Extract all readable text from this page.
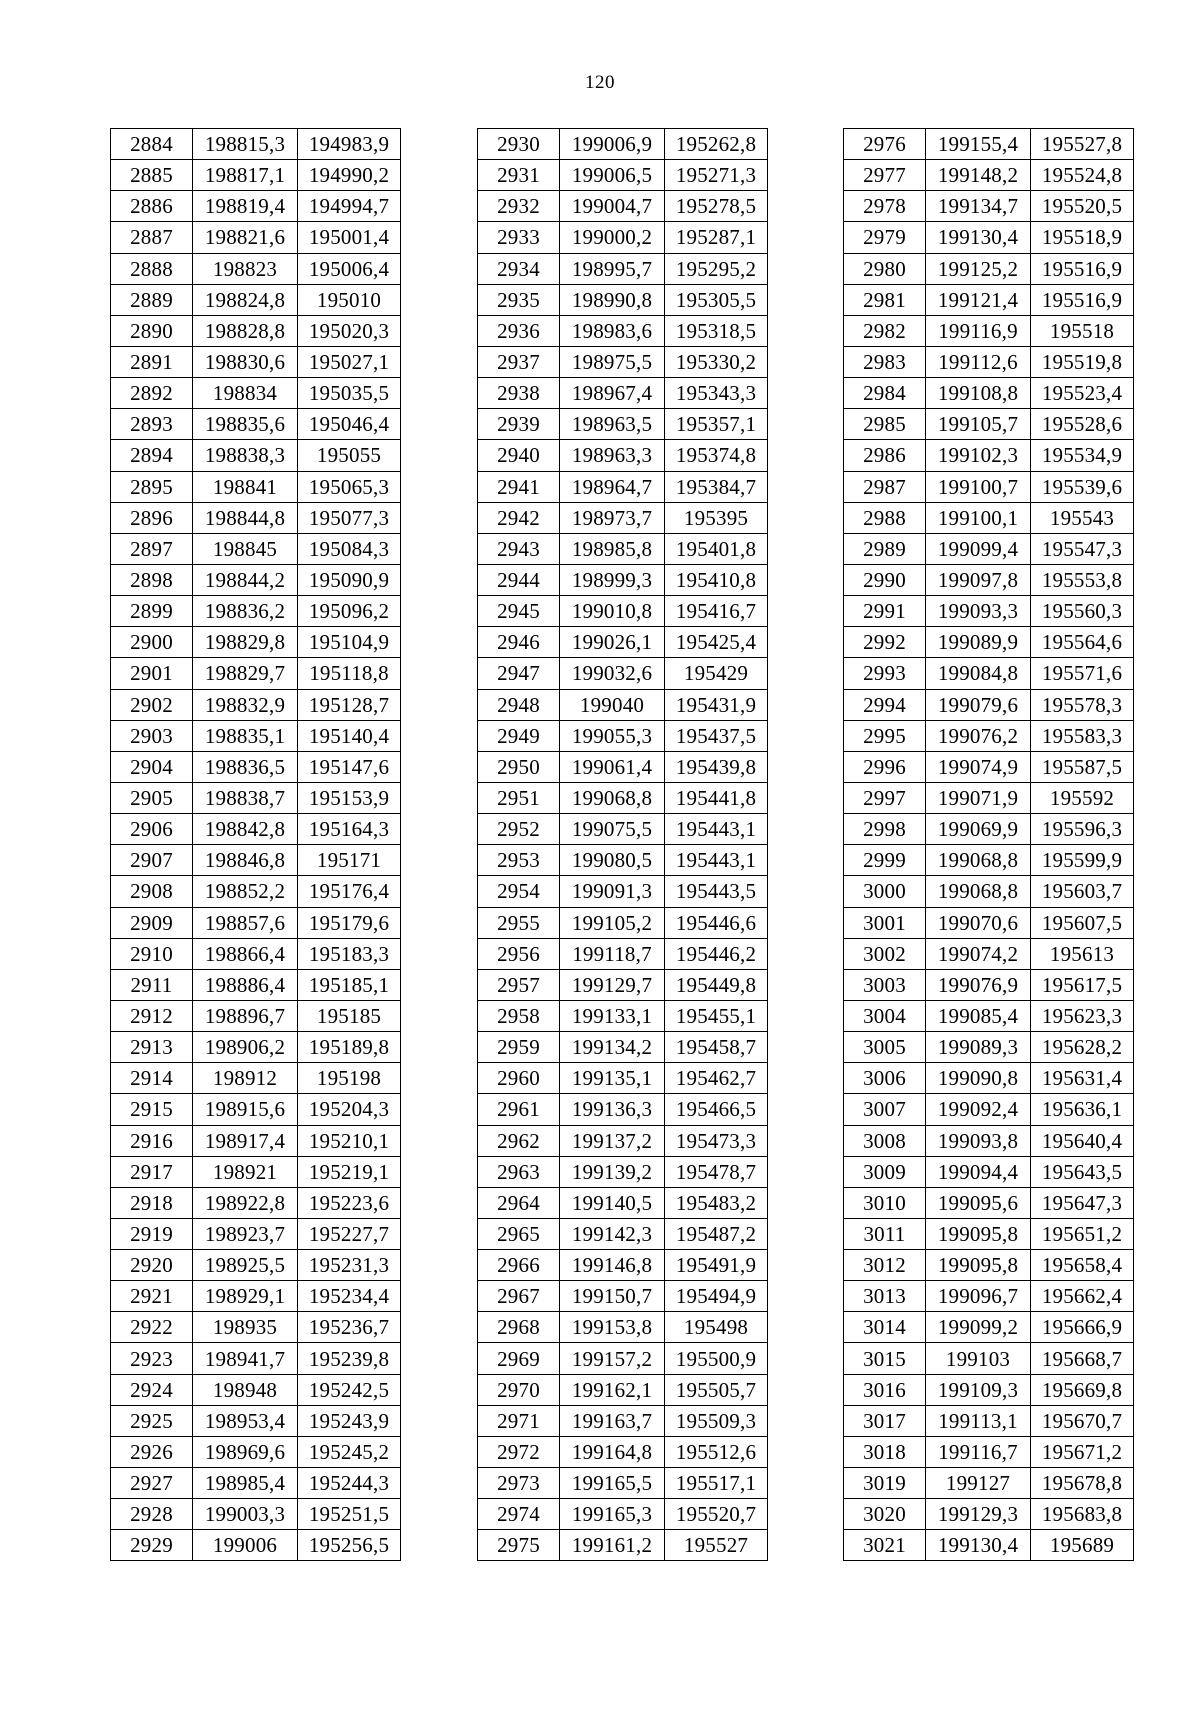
120
2884	198815,3	194983,9
2885	198817,1	194990,2
2886	198819,4	194994,7
2887	198821,6	195001,4
2888	198823	195006,4
2889	198824,8	195010
2890	198828,8	195020,3
2891	198830,6	195027,1
2892	198834	195035,5
2893	198835,6	195046,4
2894	198838,3	195055
2895	198841	195065,3
2896	198844,8	195077,3
2897	198845	195084,3
2898	198844,2	195090,9
2899	198836,2	195096,2
2900	198829,8	195104,9
2901	198829,7	195118,8
2902	198832,9	195128,7
2903	198835,1	195140,4
2904	198836,5	195147,6
2905	198838,7	195153,9
2906	198842,8	195164,3
2907	198846,8	195171
2908	198852,2	195176,4
2909	198857,6	195179,6
2910	198866,4	195183,3
2911	198886,4	195185,1
2912	198896,7	195185
2913	198906,2	195189,8
2914	198912	195198
2915	198915,6	195204,3
2916	198917,4	195210,1
2917	198921	195219,1
2918	198922,8	195223,6
2919	198923,7	195227,7
2920	198925,5	195231,3
2921	198929,1	195234,4
2922	198935	195236,7
2923	198941,7	195239,8
2924	198948	195242,5
2925	198953,4	195243,9
2926	198969,6	195245,2
2927	198985,4	195244,3
2928	199003,3	195251,5
2929	199006	195256,5
2930	199006,9	195262,8
2931	199006,5	195271,3
2932	199004,7	195278,5
2933	199000,2	195287,1
2934	198995,7	195295,2
2935	198990,8	195305,5
2936	198983,6	195318,5
2937	198975,5	195330,2
2938	198967,4	195343,3
2939	198963,5	195357,1
2940	198963,3	195374,8
2941	198964,7	195384,7
2942	198973,7	195395
2943	198985,8	195401,8
2944	198999,3	195410,8
2945	199010,8	195416,7
2946	199026,1	195425,4
2947	199032,6	195429
2948	199040	195431,9
2949	199055,3	195437,5
2950	199061,4	195439,8
2951	199068,8	195441,8
2952	199075,5	195443,1
2953	199080,5	195443,1
2954	199091,3	195443,5
2955	199105,2	195446,6
2956	199118,7	195446,2
2957	199129,7	195449,8
2958	199133,1	195455,1
2959	199134,2	195458,7
2960	199135,1	195462,7
2961	199136,3	195466,5
2962	199137,2	195473,3
2963	199139,2	195478,7
2964	199140,5	195483,2
2965	199142,3	195487,2
2966	199146,8	195491,9
2967	199150,7	195494,9
2968	199153,8	195498
2969	199157,2	195500,9
2970	199162,1	195505,7
2971	199163,7	195509,3
2972	199164,8	195512,6
2973	199165,5	195517,1
2974	199165,3	195520,7
2975	199161,2	195527
2976	199155,4	195527,8
2977	199148,2	195524,8
2978	199134,7	195520,5
2979	199130,4	195518,9
2980	199125,2	195516,9
2981	199121,4	195516,9
2982	199116,9	195518
2983	199112,6	195519,8
2984	199108,8	195523,4
2985	199105,7	195528,6
2986	199102,3	195534,9
2987	199100,7	195539,6
2988	199100,1	195543
2989	199099,4	195547,3
2990	199097,8	195553,8
2991	199093,3	195560,3
2992	199089,9	195564,6
2993	199084,8	195571,6
2994	199079,6	195578,3
2995	199076,2	195583,3
2996	199074,9	195587,5
2997	199071,9	195592
2998	199069,9	195596,3
2999	199068,8	195599,9
3000	199068,8	195603,7
3001	199070,6	195607,5
3002	199074,2	195613
3003	199076,9	195617,5
3004	199085,4	195623,3
3005	199089,3	195628,2
3006	199090,8	195631,4
3007	199092,4	195636,1
3008	199093,8	195640,4
3009	199094,4	195643,5
3010	199095,6	195647,3
3011	199095,8	195651,2
3012	199095,8	195658,4
3013	199096,7	195662,4
3014	199099,2	195666,9
3015	199103	195668,7
3016	199109,3	195669,8
3017	199113,1	195670,7
3018	199116,7	195671,2
3019	199127	195678,8
3020	199129,3	195683,8
3021	199130,4	195689
